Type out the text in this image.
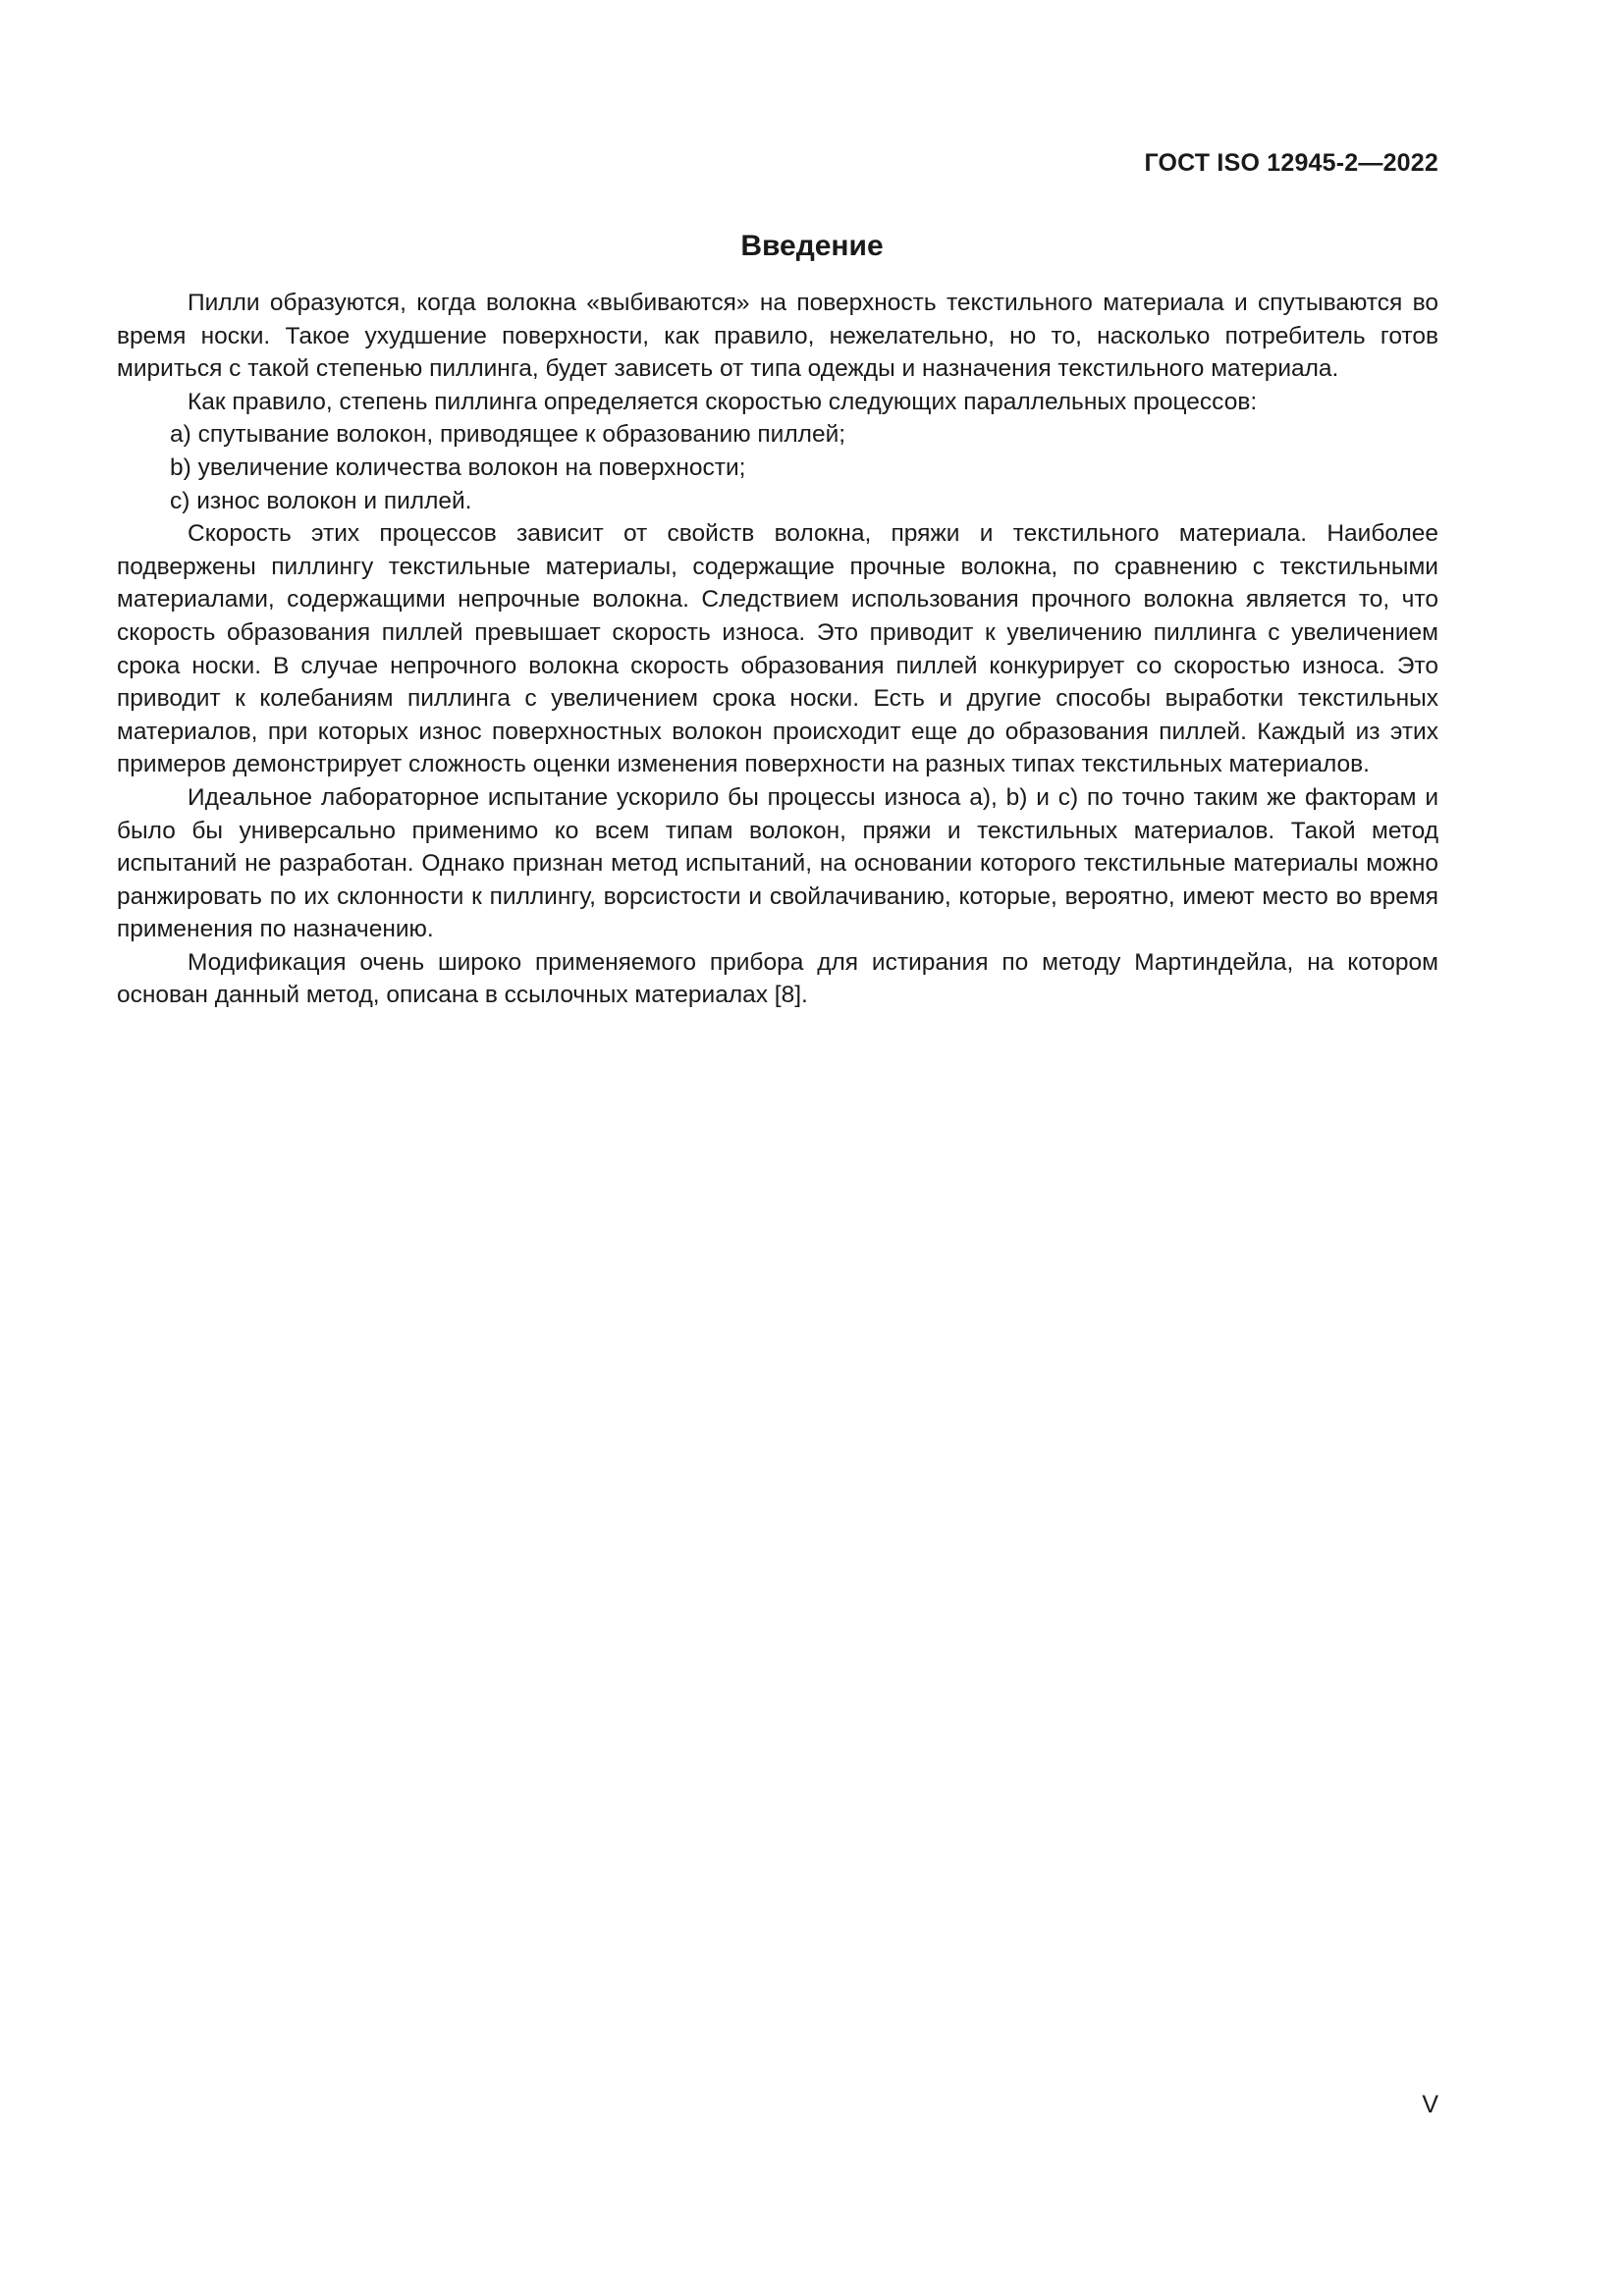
ГОСТ ISO 12945-2—2022
Введение

Пилли образуются, когда волокна «выбиваются» на поверхность текстильного материала и спутываются во время носки. Такое ухудшение поверхности, как правило, нежелательно, но то, насколько потребитель готов мириться с такой степенью пиллинга, будет зависеть от типа одежды и назначения текстильного материала.

Как правило, степень пиллинга определяется скоростью следующих параллельных процессов:

a) спутывание волокон, приводящее к образованию пиллей;

b) увеличение количества волокон на поверхности;

c) износ волокон и пиллей.

Скорость этих процессов зависит от свойств волокна, пряжи и текстильного материала. Наиболее подвержены пиллингу текстильные материалы, содержащие прочные волокна, по сравнению с текстильными материалами, содержащими непрочные волокна. Следствием использования прочного волокна является то, что скорость образования пиллей превышает скорость износа. Это приводит к увеличению пиллинга с увеличением срока носки. В случае непрочного волокна скорость образования пиллей конкурирует со скоростью износа. Это приводит к колебаниям пиллинга с увеличением срока носки. Есть и другие способы выработки текстильных материалов, при которых износ поверхностных волокон происходит еще до образования пиллей. Каждый из этих примеров демонстрирует сложность оценки изменения поверхности на разных типах текстильных материалов.

Идеальное лабораторное испытание ускорило бы процессы износа a), b) и c) по точно таким же факторам и было бы универсально применимо ко всем типам волокон, пряжи и текстильных материалов. Такой метод испытаний не разработан. Однако признан метод испытаний, на основании которого текстильные материалы можно ранжировать по их склонности к пиллингу, ворсистости и свойлачиванию, которые, вероятно, имеют место во время применения по назначению.

Модификация очень широко применяемого прибора для истирания по методу Мартиндейла, на котором основан данный метод, описана в ссылочных материалах [8].

V
